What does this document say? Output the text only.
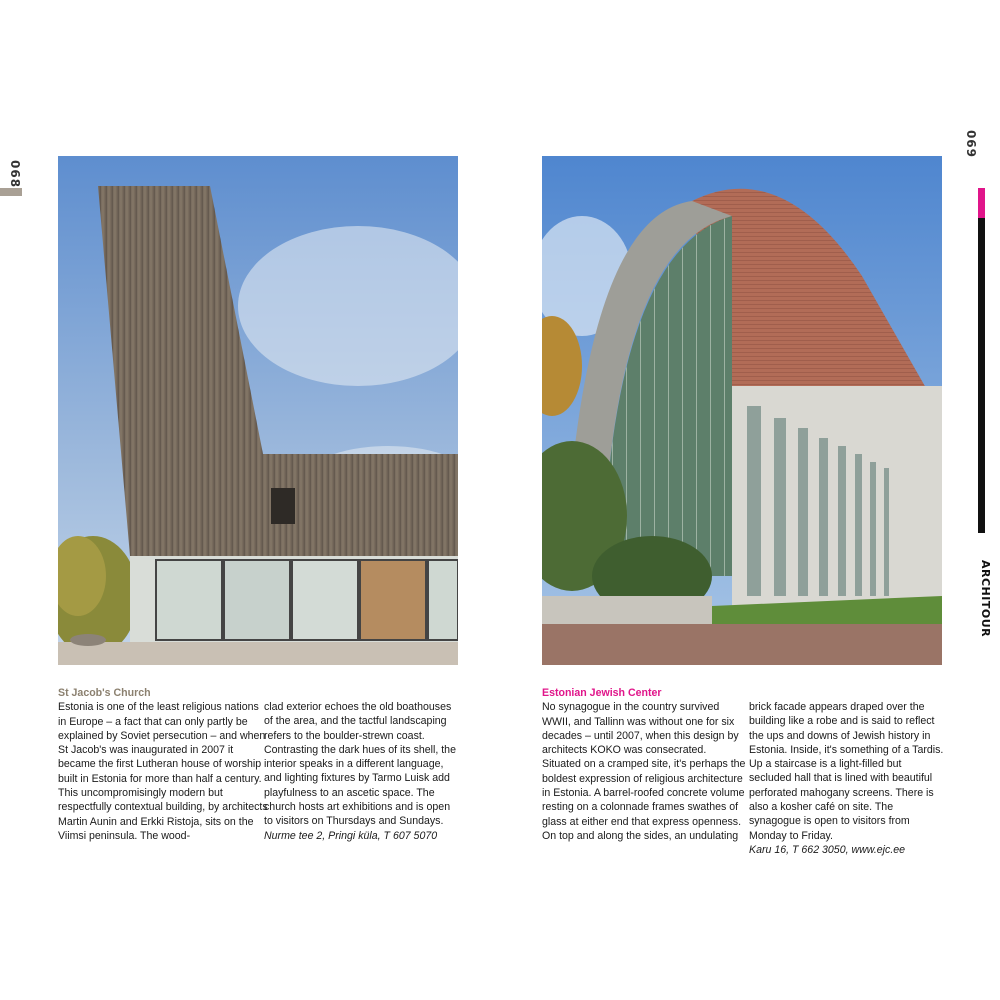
068
069
ARCHITOUR
St Jacob's Church
Estonia is one of the least religious nations in Europe – a fact that can only partly be explained by Soviet persecution – and when St Jacob's was inaugurated in 2007 it became the first Lutheran house of worship built in Estonia for more than half a century. This uncompromisingly modern but respectfully contextual building, by architects Martin Aunin and Erkki Ristoja, sits on the Viimsi peninsula. The wood-
clad exterior echoes the old boathouses of the area, and the tactful landscaping refers to the boulder-strewn coast. Contrasting the dark hues of its shell, the interior speaks in a different language, and lighting fixtures by Tarmo Luisk add playfulness to an ascetic space. The church hosts art exhibitions and is open to visitors on Thursdays and Sundays.
Nurme tee 2, Pringi küla, T 607 5070
Estonian Jewish Center
No synagogue in the country survived WWII, and Tallinn was without one for six decades – until 2007, when this design by architects KOKO was consecrated. Situated on a cramped site, it's perhaps the boldest expression of religious architecture in Estonia. A barrel-roofed concrete volume resting on a colonnade frames swathes of glass at either end that express openness. On top and along the sides, an undulating
brick facade appears draped over the building like a robe and is said to reflect the ups and downs of Jewish history in Estonia. Inside, it's something of a Tardis. Up a staircase is a light-filled but secluded hall that is lined with beautiful perforated mahogany screens. There is also a kosher café on site. The synagogue is open to visitors from Monday to Friday.
Karu 16, T 662 3050, www.ejc.ee
